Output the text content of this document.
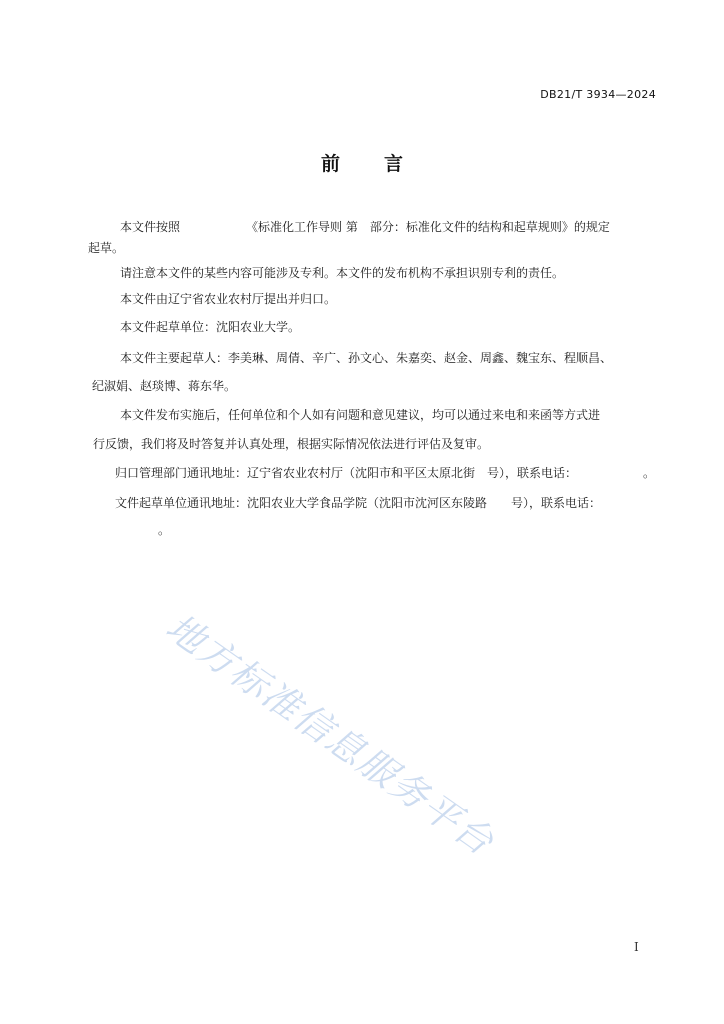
DB21/T 3934—2024
前言
本文件按照　　　　　　《标准化工作导则 第　部分：标准化文件的结构和起草规则》的规定
起草。
请注意本文件的某些内容可能涉及专利。本文件的发布机构不承担识别专利的责任。
本文件由辽宁省农业农村厅提出并归口。
本文件起草单位：沈阳农业大学。
本文件主要起草人：李美琳、周倩、辛广、孙文心、朱嘉奕、赵金、周鑫、魏宝东、程顺昌、
纪淑娟、赵琰博、蒋东华。
本文件发布实施后，任何单位和个人如有问题和意见建议，均可以通过来电和来函等方式进
行反馈，我们将及时答复并认真处理，根据实际情况依法进行评估及复审。
归口管理部门通讯地址：辽宁省农业农村厅（沈阳市和平区太原北街　号），联系电话：　　　　　　。
文件起草单位通讯地址：沈阳农业大学食品学院（沈阳市沈河区东陵路　　号），联系电话：
。
地方标准信息服务平台
I
